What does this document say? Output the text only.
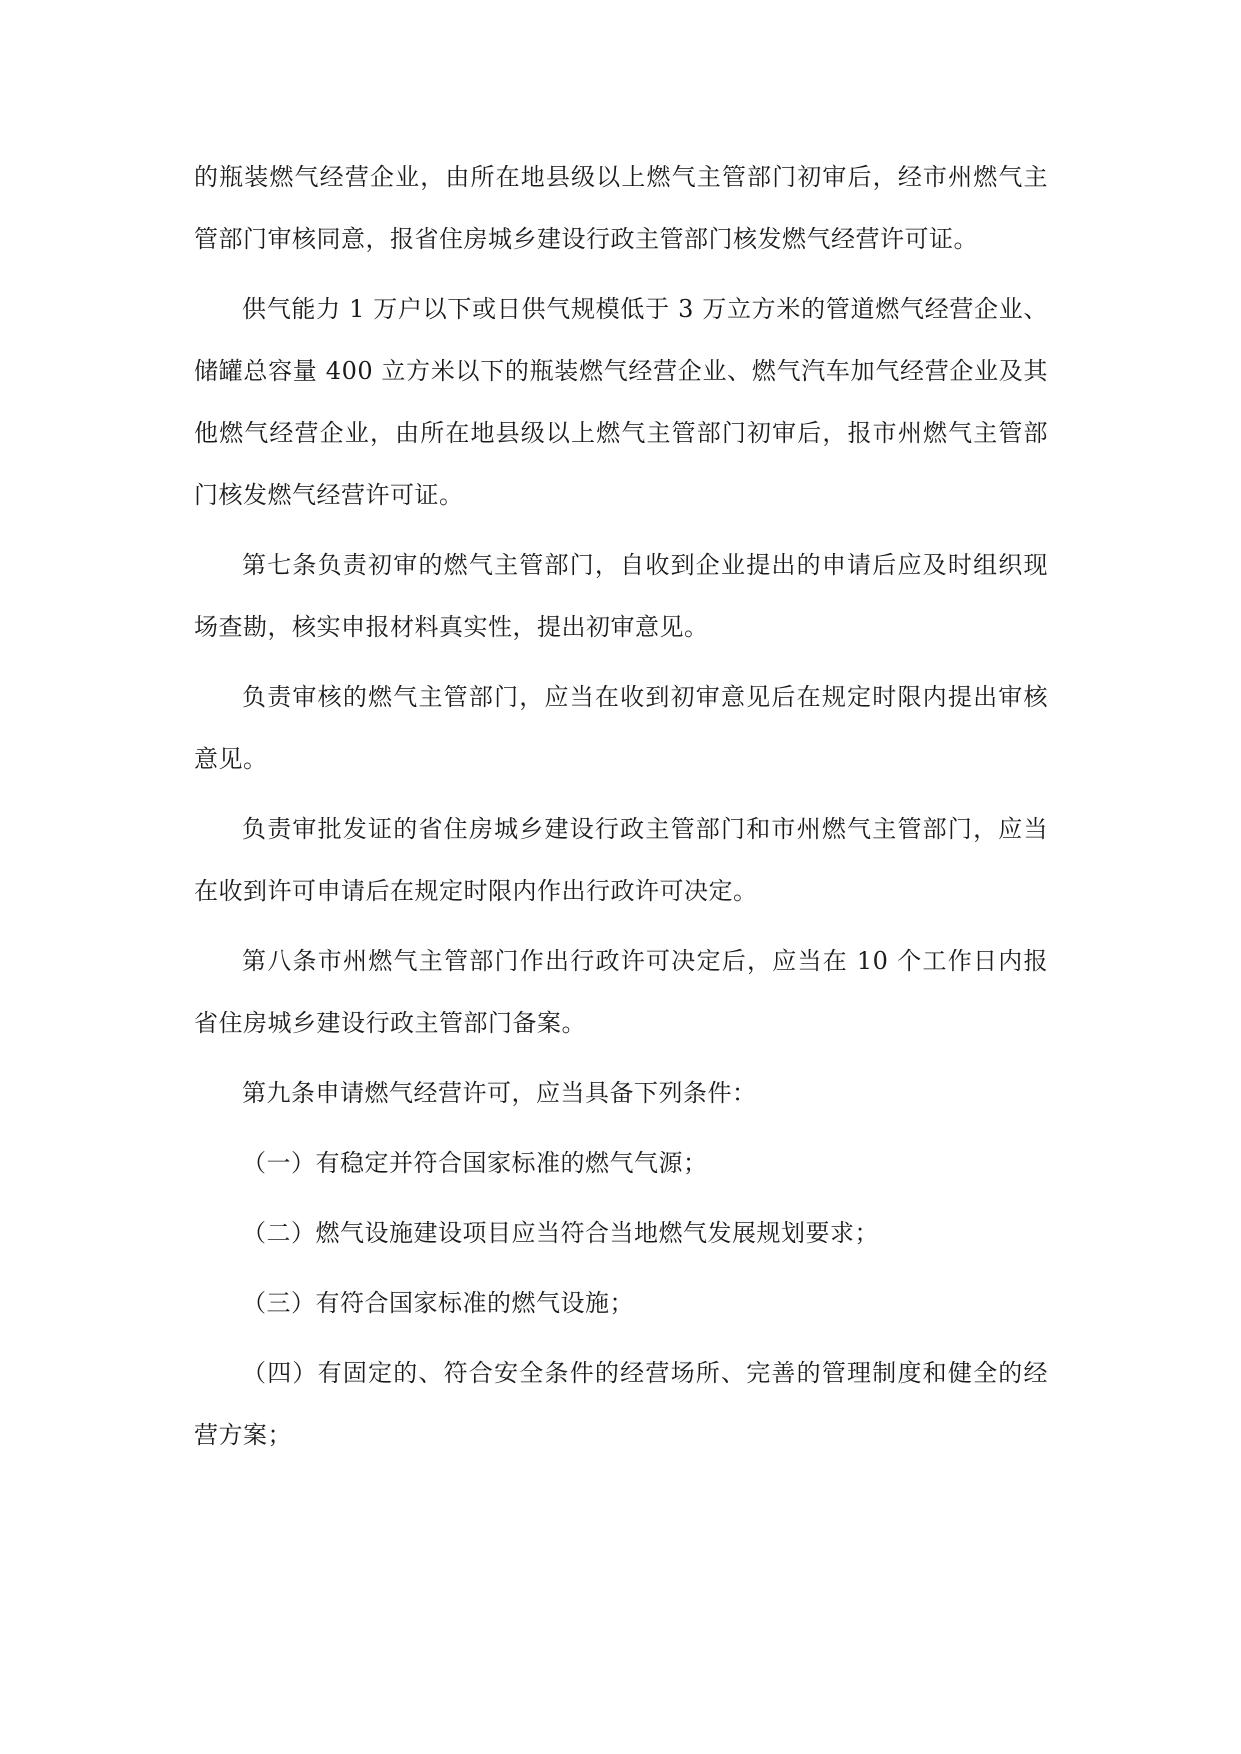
的瓶装燃气经营企业，由所在地县级以上燃气主管部门初审后，经市州燃气主管部门审核同意，报省住房城乡建设行政主管部门核发燃气经营许可证。

供气能力 1 万户以下或日供气规模低于 3 万立方米的管道燃气经营企业、储罐总容量 400 立方米以下的瓶装燃气经营企业、燃气汽车加气经营企业及其他燃气经营企业，由所在地县级以上燃气主管部门初审后，报市州燃气主管部门核发燃气经营许可证。

第七条负责初审的燃气主管部门，自收到企业提出的申请后应及时组织现场查勘，核实申报材料真实性，提出初审意见。

负责审核的燃气主管部门，应当在收到初审意见后在规定时限内提出审核意见。

负责审批发证的省住房城乡建设行政主管部门和市州燃气主管部门，应当在收到许可申请后在规定时限内作出行政许可决定。

第八条市州燃气主管部门作出行政许可决定后，应当在 10 个工作日内报省住房城乡建设行政主管部门备案。

第九条申请燃气经营许可，应当具备下列条件：

（一）有稳定并符合国家标准的燃气气源；

（二）燃气设施建设项目应当符合当地燃气发展规划要求；

（三）有符合国家标准的燃气设施；

（四）有固定的、符合安全条件的经营场所、完善的管理制度和健全的经营方案；
